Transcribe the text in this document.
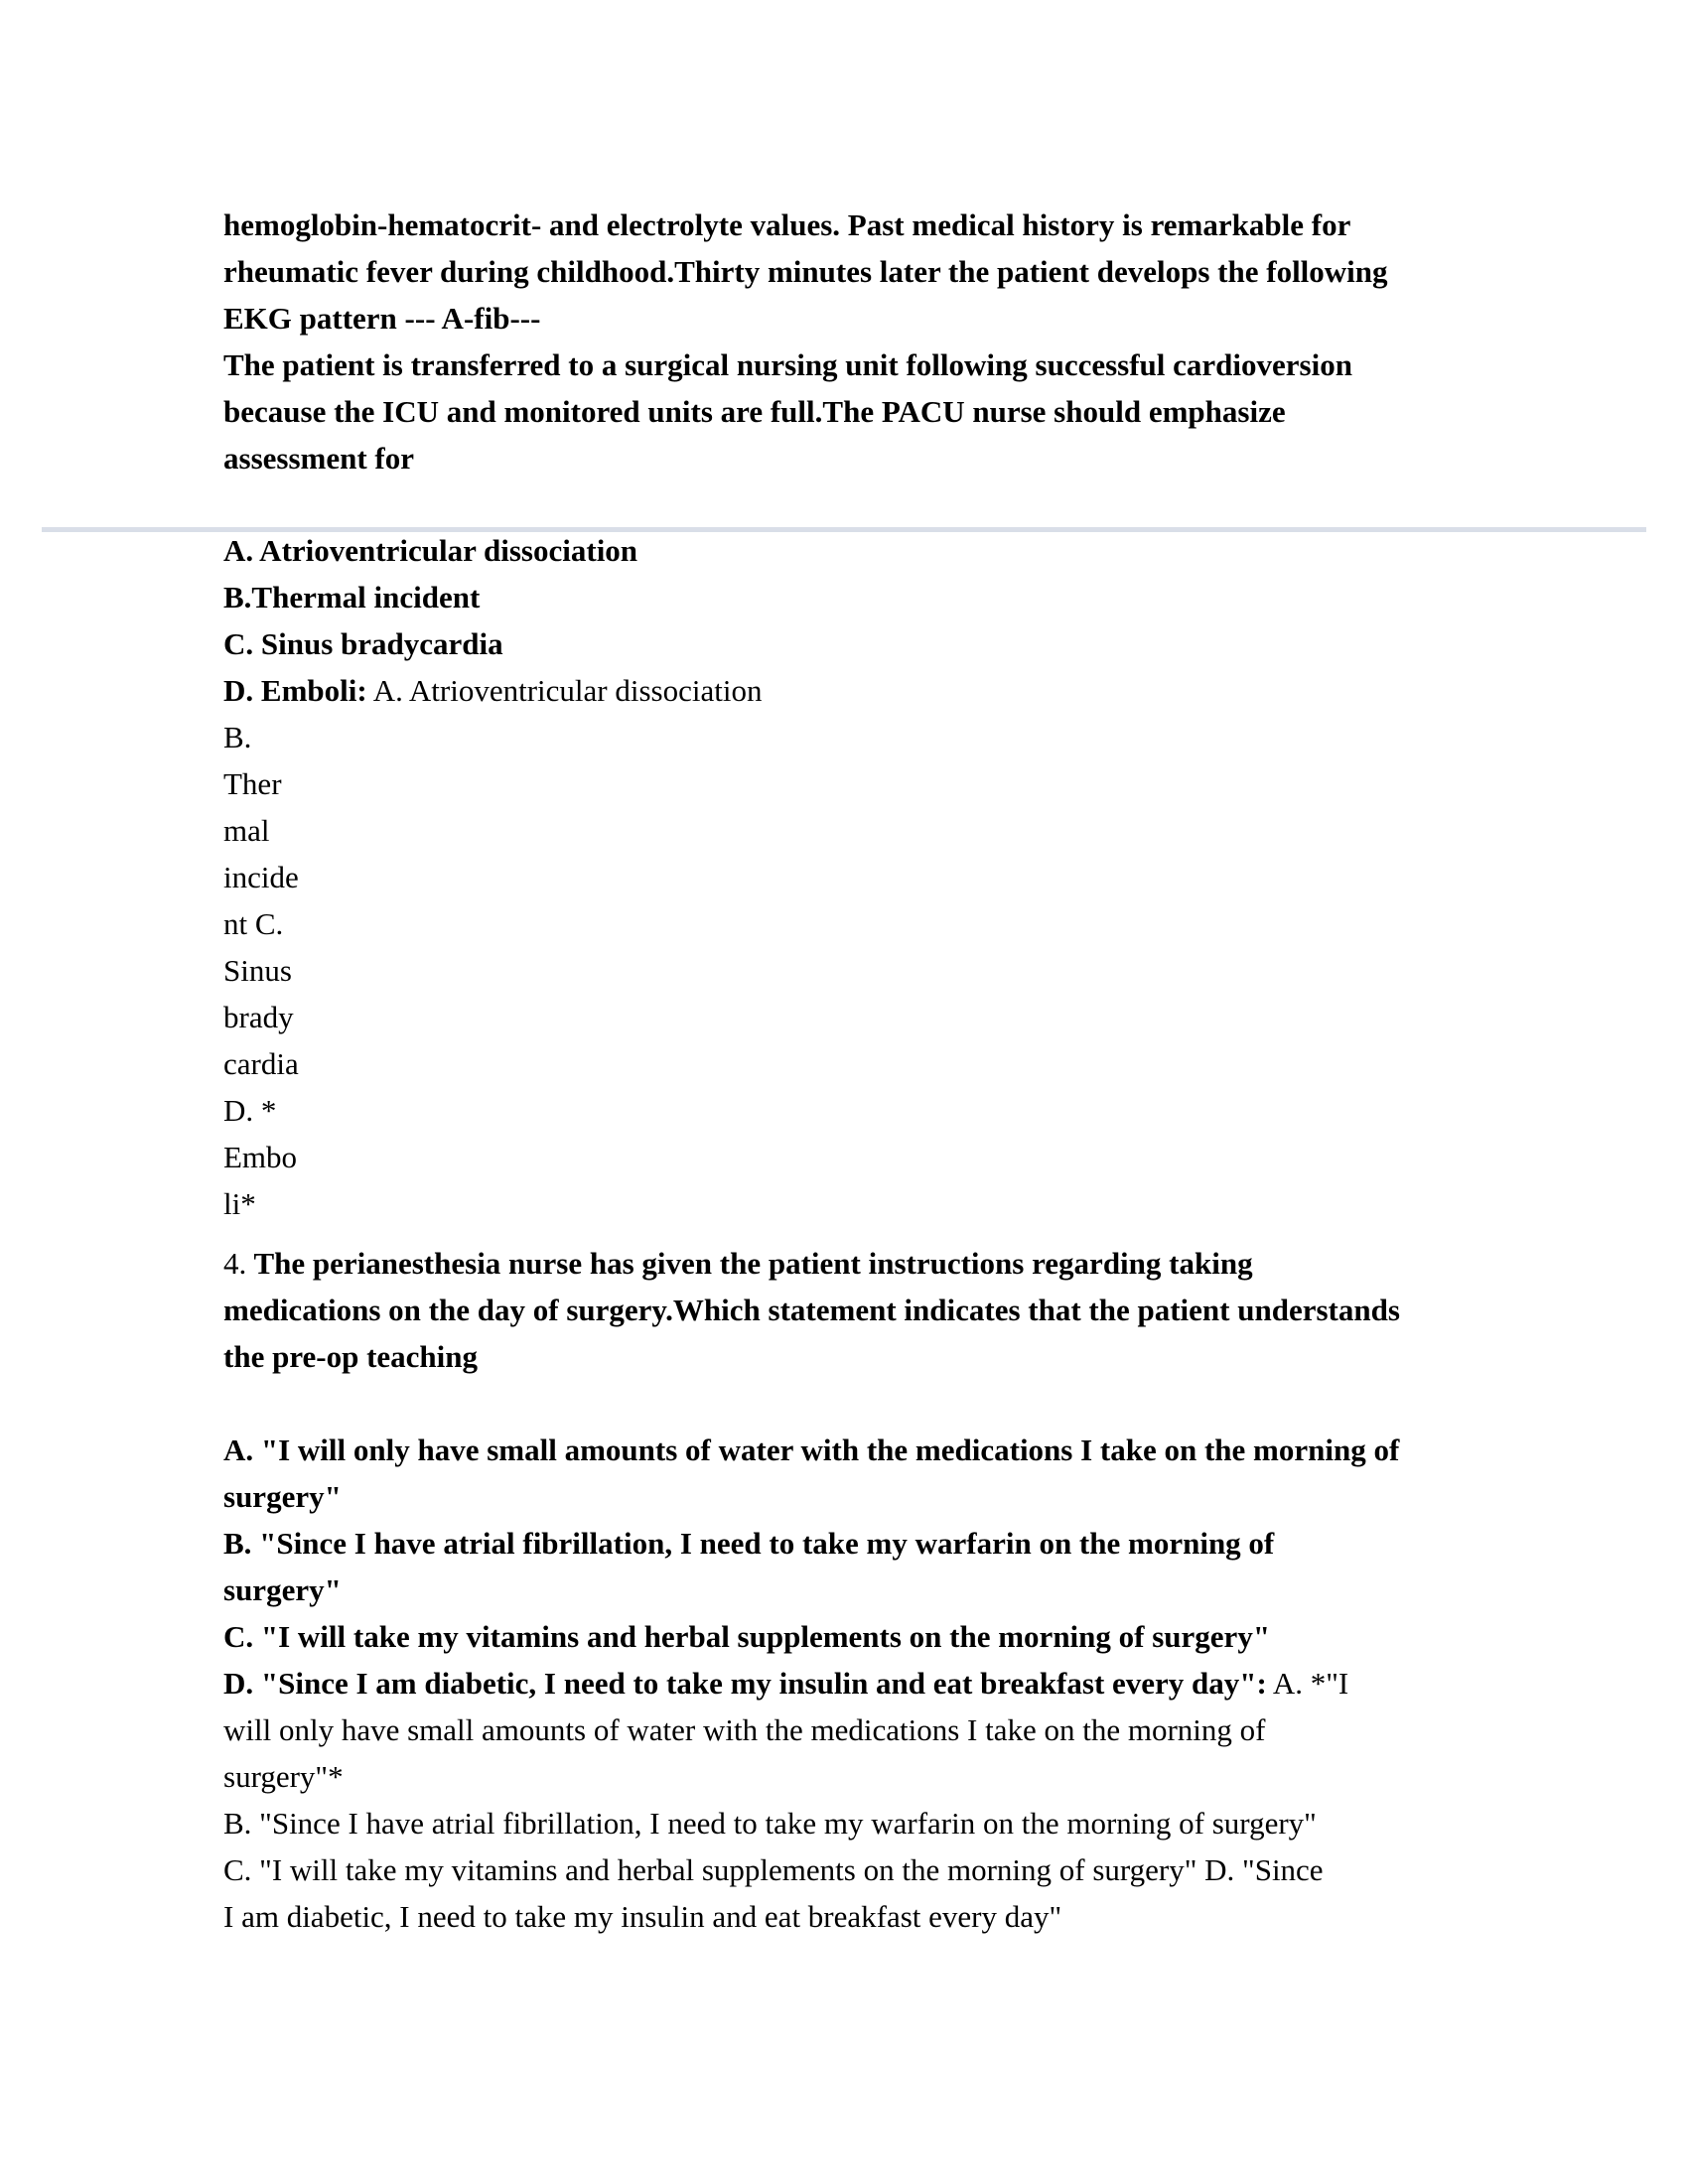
hemoglobin-hematocrit- and electrolyte values. Past medical history is remarkable for
rheumatic fever during childhood.Thirty minutes later the patient develops the following
EKG pattern --- A-fib---
The patient is transferred to a surgical nursing unit following successful cardioversion
because the ICU and monitored units are full.The PACU nurse should emphasize
assessment for
A. Atrioventricular dissociation
B.Thermal incident
C. Sinus bradycardia
D. Emboli: A. Atrioventricular dissociation
B.
Ther
mal
incide
nt C.
Sinus
brady
cardia
D. *
Embo
li*
4. The perianesthesia nurse has given the patient instructions regarding taking
medications on the day of surgery.Which statement indicates that the patient understands
the pre-op teaching
A. "I will only have small amounts of water with the medications I take on the morning of
surgery"
B. "Since I have atrial fibrillation, I need to take my warfarin on the morning of
surgery"
C. "I will take my vitamins and herbal supplements on the morning of surgery"
D. "Since I am diabetic, I need to take my insulin and eat breakfast every day": A. *"I
will only have small amounts of water with the medications I take on the morning of
surgery"*
B. "Since I have atrial fibrillation, I need to take my warfarin on the morning of surgery"
C. "I will take my vitamins and herbal supplements on the morning of surgery" D. "Since
I am diabetic, I need to take my insulin and eat breakfast every day"
